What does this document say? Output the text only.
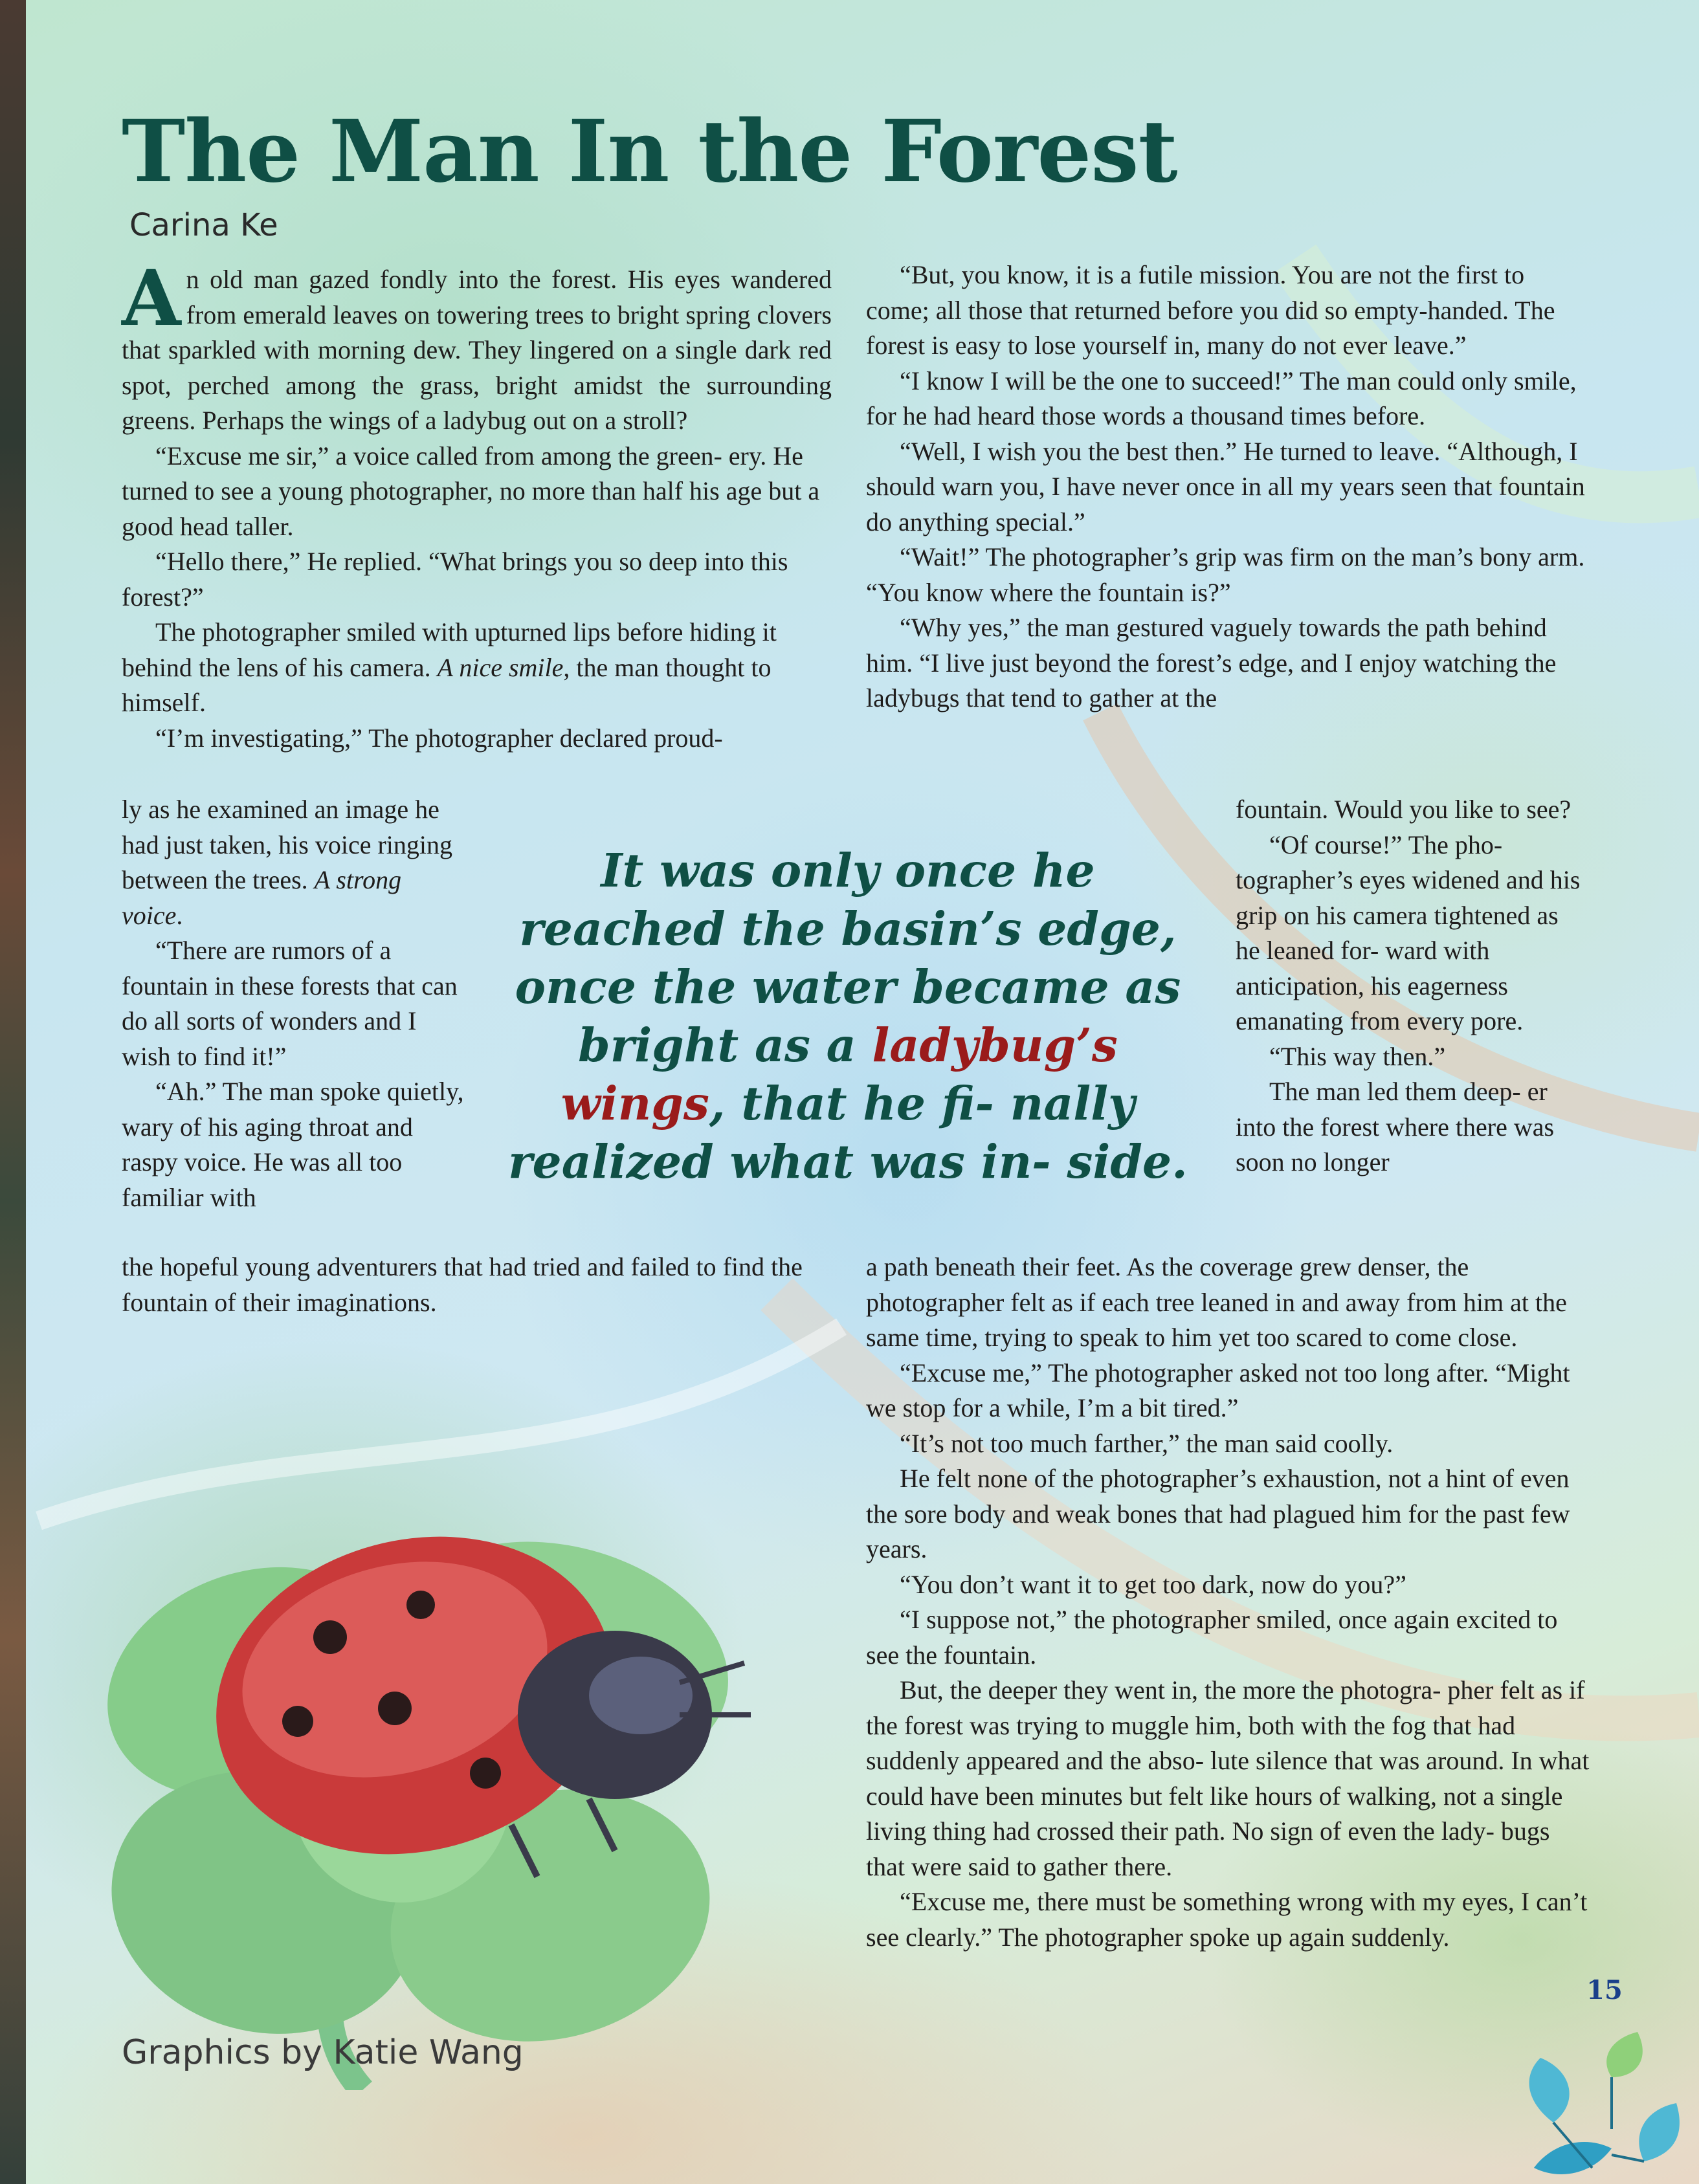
The Man In the Forest
Carina Ke

An old man gazed fondly into the forest. His eyes wandered from emerald leaves on towering trees to bright spring clovers that sparkled with morning dew. They lingered on a single dark red spot, perched among the grass, bright amidst the surrounding greens. Perhaps the wings of a ladybug out on a stroll?

“Excuse me sir,” a voice called from among the green- ery. He turned to see a young photographer, no more than half his age but a good head taller.

“Hello there,” He replied. “What brings you so deep into this forest?”

The photographer smiled with upturned lips before hiding it behind the lens of his camera. A nice smile, the man thought to himself.

“I’m investigating,” The photographer declared proud-

ly as he examined an image he had just taken, his voice ringing between the trees. A strong voice.

“There are rumors of a fountain in these forests that can do all sorts of wonders and I wish to find it!”

“Ah.” The man spoke quietly, wary of his aging throat and raspy voice. He was all too familiar with

the hopeful young adventurers that had tried and failed to find the fountain of their imaginations.

“But, you know, it is a futile mission. You are not the first to come; all those that returned before you did so empty-handed. The forest is easy to lose yourself in, many do not ever leave.”

“I know I will be the one to succeed!” The man could only smile, for he had heard those words a thousand times before.

“Well, I wish you the best then.” He turned to leave. “Although, I should warn you, I have never once in all my years seen that fountain do anything special.”

“Wait!” The photographer’s grip was firm on the man’s bony arm. “You know where the fountain is?”

“Why yes,” the man gestured vaguely towards the path behind him. “I live just beyond the forest’s edge, and I enjoy watching the ladybugs that tend to gather at the

fountain. Would you like to see?

“Of course!” The pho- tographer’s eyes widened and his grip on his camera tightened as he leaned for- ward with anticipation, his eagerness emanating from every pore.

“This way then.”

The man led them deep- er into the forest where there was soon no longer

a path beneath their feet. As the coverage grew denser, the photographer felt as if each tree leaned in and away from him at the same time, trying to speak to him yet too scared to come close.

“Excuse me,” The photographer asked not too long after. “Might we stop for a while, I’m a bit tired.”

“It’s not too much farther,” the man said coolly.

He felt none of the photographer’s exhaustion, not a hint of even the sore body and weak bones that had plagued him for the past few years.

“You don’t want it to get too dark, now do you?”

“I suppose not,” the photographer smiled, once again excited to see the fountain.

But, the deeper they went in, the more the photogra- pher felt as if the forest was trying to muggle him, both with the fog that had suddenly appeared and the abso- lute silence that was around. In what could have been minutes but felt like hours of walking, not a single living thing had crossed their path. No sign of even the lady- bugs that were said to gather there.

“Excuse me, there must be something wrong with my eyes, I can’t see clearly.” The photographer spoke up again suddenly.

It was only once he reached the basin’s edge, once the water became as bright as a ladybug’s wings, that he fi- nally realized what was in- side.

Graphics by Katie Wang
15
